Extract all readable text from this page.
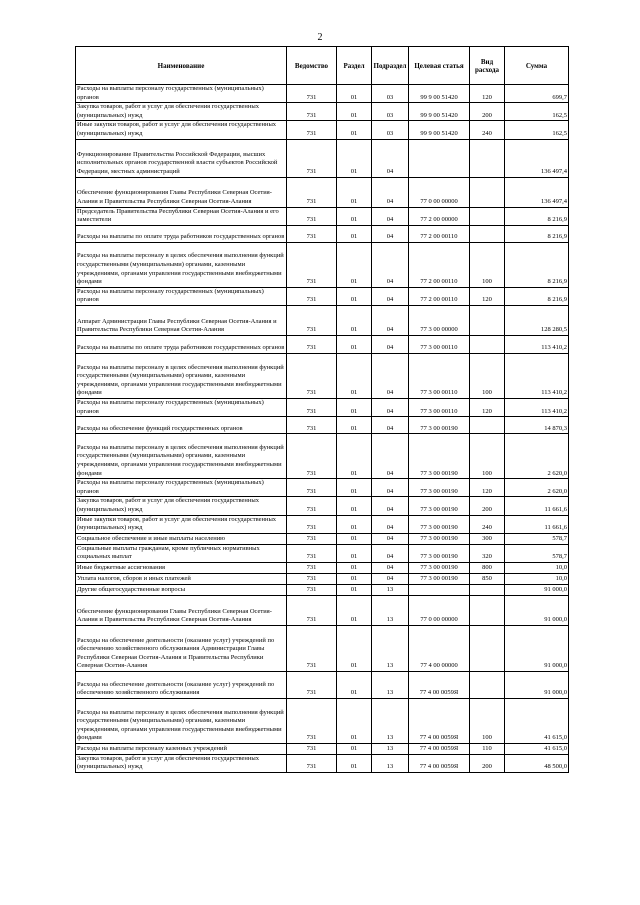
2
Наименование	Ведомство	Раздел	Подраздел	Целевая статья	Вид расхода	Сумма
Расходы на выплаты персоналу государственных (муниципальных) органов	731	01	03	99 9 00 51420	120	699,7
Закупка товаров, работ и услуг для обеспечения государственных (муниципальных) нужд	731	01	03	99 9 00 51420	200	162,5
Иные закупки товаров, работ и услуг для обеспечения государственных (муниципальных) нужд	731	01	03	99 9 00 51420	240	162,5
Функционирование Правительства Российской Федерации, высших исполнительных органов государственной власти субъектов Российской Федерации, местных администраций	731	01	04			136 497,4
Обеспечение функционирования Главы Республики Северная Осетия-Алания и Правительства Республики Северная Осетия-Алания	731	01	04	77 0 00 00000		136 497,4
Председатель Правительства Республики Северная Осетия-Алания и его заместители	731	01	04	77 2 00 00000		8 216,9
Расходы на выплаты по оплате труда работников государственных органов	731	01	04	77 2 00 00110		8 216,9
Расходы на выплаты персоналу в целях обеспечения выполнения функций государственными (муниципальными) органами, казенными учреждениями, органами управления государственными внебюджетными фондами	731	01	04	77 2 00 00110	100	8 216,9
Расходы на выплаты персоналу государственных (муниципальных) органов	731	01	04	77 2 00 00110	120	8 216,9
Аппарат Администрации Главы Республики Северная Осетия-Алания и Правительства Республики Северная Осетия-Алания	731	01	04	77 3 00 00000		128 280,5
Расходы на выплаты по оплате труда работников государственных органов	731	01	04	77 3 00 00110		113 410,2
Расходы на выплаты персоналу в целях обеспечения выполнения функций государственными (муниципальными) органами, казенными учреждениями, органами управления государственными внебюджетными фондами	731	01	04	77 3 00 00110	100	113 410,2
Расходы на выплаты персоналу государственных (муниципальных) органов	731	01	04	77 3 00 00110	120	113 410,2
Расходы на обеспечение функций государственных органов	731	01	04	77 3 00 00190		14 870,3
Расходы на выплаты персоналу в целях обеспечения выполнения функций государственными (муниципальными) органами, казенными учреждениями, органами управления государственными внебюджетными фондами	731	01	04	77 3 00 00190	100	2 620,0
Расходы на выплаты персоналу государственных (муниципальных) органов	731	01	04	77 3 00 00190	120	2 620,0
Закупка товаров, работ и услуг для обеспечения государственных (муниципальных) нужд	731	01	04	77 3 00 00190	200	11 661,6
Иные закупки товаров, работ и услуг для обеспечения государственных (муниципальных) нужд	731	01	04	77 3 00 00190	240	11 661,6
Социальное обеспечение и иные выплаты населению	731	01	04	77 3 00 00190	300	578,7
Социальные выплаты гражданам, кроме публичных нормативных социальных выплат	731	01	04	77 3 00 00190	320	578,7
Иные бюджетные ассигнования	731	01	04	77 3 00 00190	800	10,0
Уплата налогов, сборов и иных платежей	731	01	04	77 3 00 00190	850	10,0
Другие общегосударственные вопросы	731	01	13			91 000,0
Обеспечение функционирования Главы Республики Северная Осетия-Алания и Правительства Республики Северная Осетия-Алания	731	01	13	77 0 00 00000		91 000,0
Расходы на обеспечение деятельности (оказание услуг) учреждений по обеспечению хозяйственного обслуживания Администрации Главы Республики Северная Осетия-Алания и Правительства Республики Северная Осетия-Алания	731	01	13	77 4 00 00000		91 000,0
Расходы на обеспечение деятельности (оказание услуг) учреждений по обеспечению хозяйственного обслуживания	731	01	13	77 4 00 0059Я		91 000,0
Расходы на выплаты персоналу в целях обеспечения выполнения функций государственными (муниципальными) органами, казенными учреждениями, органами управления государственными внебюджетными фондами	731	01	13	77 4 00 0059Я	100	41 615,0
Расходы на выплаты персоналу казенных учреждений	731	01	13	77 4 00 0059Я	110	41 615,0
Закупка товаров, работ и услуг для обеспечения государственных (муниципальных) нужд	731	01	13	77 4 00 0059Я	200	48 500,0
